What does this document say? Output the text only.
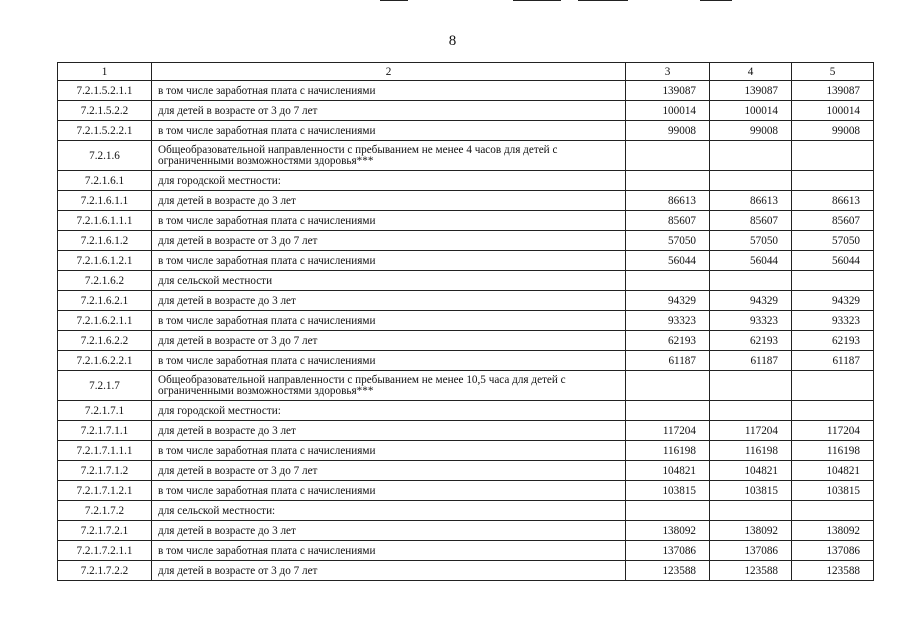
8
1	2	3	4	5
7.2.1.5.2.1.1	в том числе заработная плата с начислениями	139087	139087	139087
7.2.1.5.2.2	для детей в возрасте от 3 до 7 лет	100014	100014	100014
7.2.1.5.2.2.1	в том числе заработная плата с начислениями	99008	99008	99008
7.2.1.6	Общеобразовательной направленности с пребыванием не менее 4 часов для детей с ограниченными возможностями здоровья***			
7.2.1.6.1	для городской местности:			
7.2.1.6.1.1	для детей в возрасте до 3 лет	86613	86613	86613
7.2.1.6.1.1.1	в том числе заработная плата с начислениями	85607	85607	85607
7.2.1.6.1.2	для детей в возрасте от 3 до 7 лет	57050	57050	57050
7.2.1.6.1.2.1	в том числе заработная плата с начислениями	56044	56044	56044
7.2.1.6.2	для сельской местности			
7.2.1.6.2.1	для детей в возрасте до 3 лет	94329	94329	94329
7.2.1.6.2.1.1	в том числе заработная плата с начислениями	93323	93323	93323
7.2.1.6.2.2	для детей в возрасте от 3 до 7 лет	62193	62193	62193
7.2.1.6.2.2.1	в том числе заработная плата с начислениями	61187	61187	61187
7.2.1.7	Общеобразовательной направленности с пребыванием не менее 10,5 часа для детей с ограниченными возможностями здоровья***			
7.2.1.7.1	для городской местности:			
7.2.1.7.1.1	для детей в возрасте до 3 лет	117204	117204	117204
7.2.1.7.1.1.1	в том числе заработная плата с начислениями	116198	116198	116198
7.2.1.7.1.2	для детей в возрасте от 3 до 7 лет	104821	104821	104821
7.2.1.7.1.2.1	в том числе заработная плата с начислениями	103815	103815	103815
7.2.1.7.2	для сельской местности:			
7.2.1.7.2.1	для детей в возрасте до 3 лет	138092	138092	138092
7.2.1.7.2.1.1	в том числе заработная плата с начислениями	137086	137086	137086
7.2.1.7.2.2	для детей в возрасте от 3 до 7 лет	123588	123588	123588
